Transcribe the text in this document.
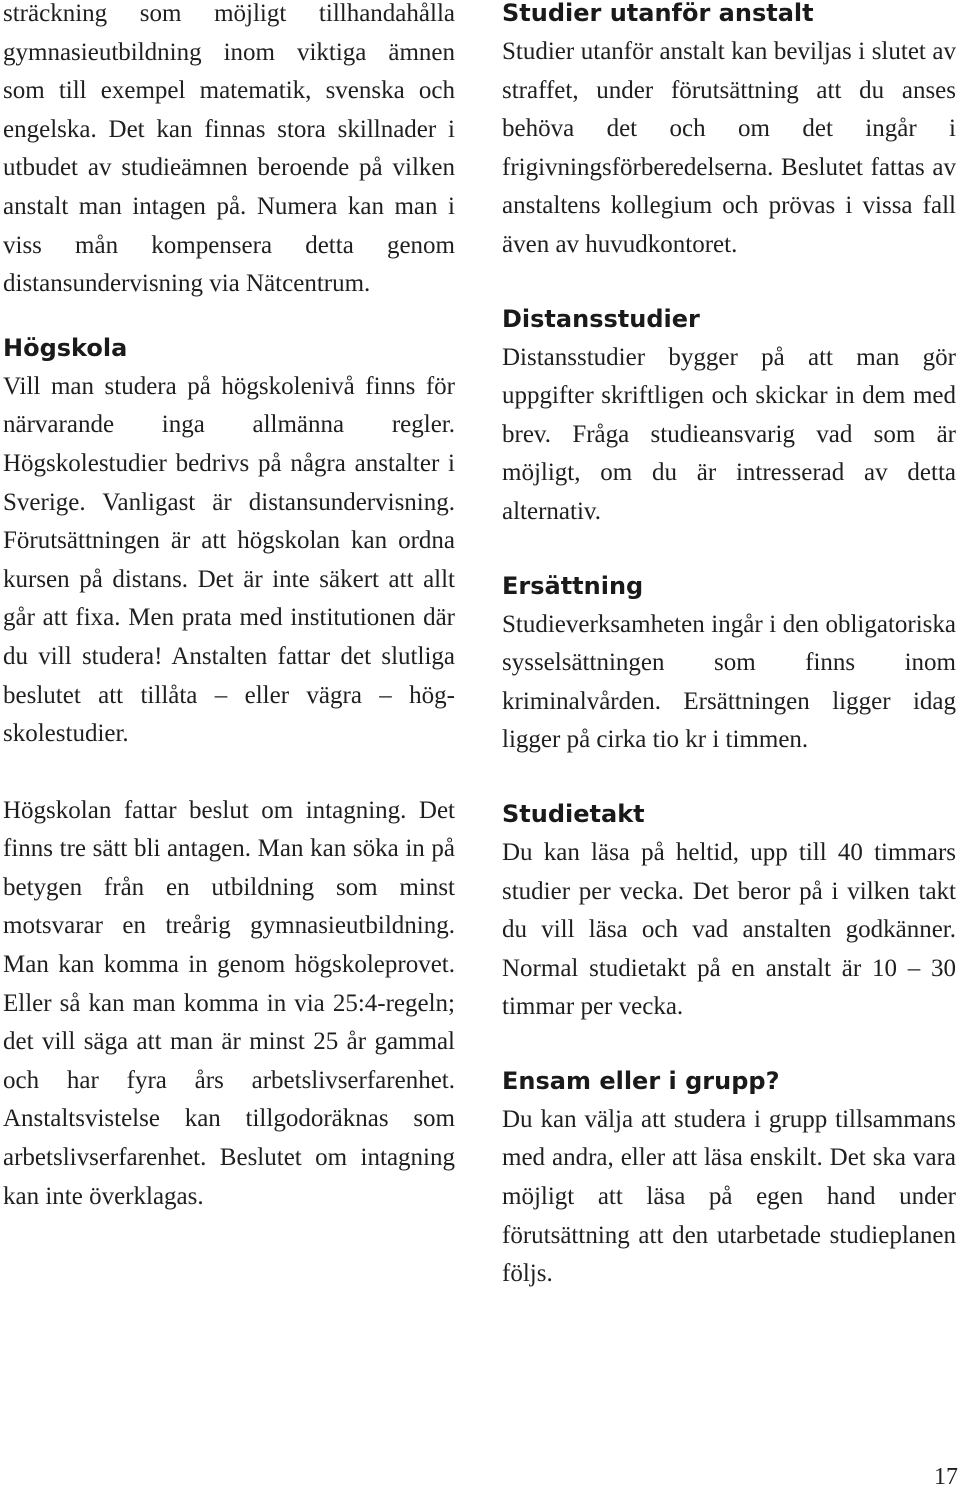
sträckning som möjligt tillhandahålla gymnasieutbildning inom viktiga ämnen som till exempel matematik, svenska och engelska. Det kan finnas stora skillnader i utbudet av studieämnen beroende på vilken anstalt man intagen på. Numera kan man i viss mån kompensera detta genom distansundervisning via Nätcentrum.

Högskola

Vill man studera på högskolenivå finns för närvarande inga allmänna regler. Högskolestudier bedrivs på några anstalter i Sverige. Vanligast är distansundervisning. Förutsättningen är att högskolan kan ordna kursen på distans. Det är inte säkert att allt går att fixa. Men prata med institutionen där du vill studera! Anstalten fattar det slutliga beslutet att tillåta – eller vägra – högskolestudier.

Högskolan fattar beslut om intagning. Det finns tre sätt bli antagen. Man kan söka in på betygen från en utbildning som minst motsvarar en treårig gymnasieutbildning. Man kan komma in genom högskoleprovet. Eller så kan man komma in via 25:4-regeln; det vill säga att man är minst 25 år gammal och har fyra års arbetslivserfarenhet. Anstaltsvistelse kan tillgodoräknas som arbetslivserfarenhet. Beslutet om intagning kan inte överklagas.

Studier utanför anstalt

Studier utanför anstalt kan beviljas i slutet av straffet, under förutsättning att du anses behöva det och om det ingår i frigivningsförberedelserna. Beslutet fattas av anstaltens kollegium och prövas i vissa fall även av huvudkontoret.

Distansstudier

Distansstudier bygger på att man gör uppgifter skriftligen och skickar in dem med brev. Fråga studieansvarig vad som är möjligt, om du är intresserad av detta alternativ.

Ersättning

Studieverksamheten ingår i den obligatoriska sysselsättningen som finns inom kriminalvården. Ersättningen ligger idag ligger på cirka tio kr i timmen.

Studietakt

Du kan läsa på heltid, upp till 40 timmars studier per vecka. Det beror på i vilken takt du vill läsa och vad anstalten godkänner. Normal studietakt på en anstalt är 10 – 30 timmar per vecka.

Ensam eller i grupp?

Du kan välja att studera i grupp tillsammans med andra, eller att läsa enskilt. Det ska vara möjligt att läsa på egen hand under förutsättning att den utarbetade studieplanen följs.

17
